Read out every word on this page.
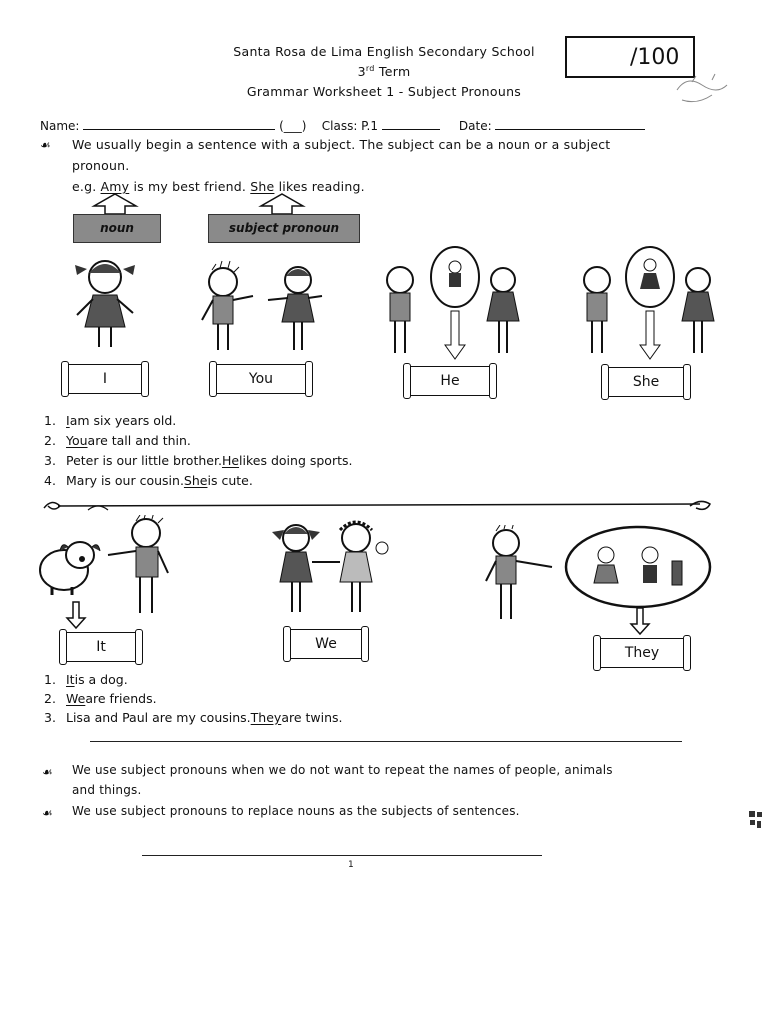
Santa Rosa de Lima English Secondary School
3rd Term
Grammar Worksheet 1 - Subject Pronouns
/100
Name:	(___) Class: P.1	Date:
☙ We usually begin a sentence with a subject. The subject can be a noun or a subject
pronoun.
e.g. Amy is my best friend. She likes reading.
noun	subject pronoun
I	You	He	She
1. I am six years old.
2. You are tall and thin.
3. Peter is our little brother. He likes doing sports.
4. Mary is our cousin. She is cute.
It	We
They
1. It is a dog.
2. We are friends.
3. Lisa and Paul are my cousins. They are twins.
☙ We use subject pronouns when we do not want to repeat the names of people, animals
and things.
☙ We use subject pronouns to replace nouns as the subjects of sentences.
1
